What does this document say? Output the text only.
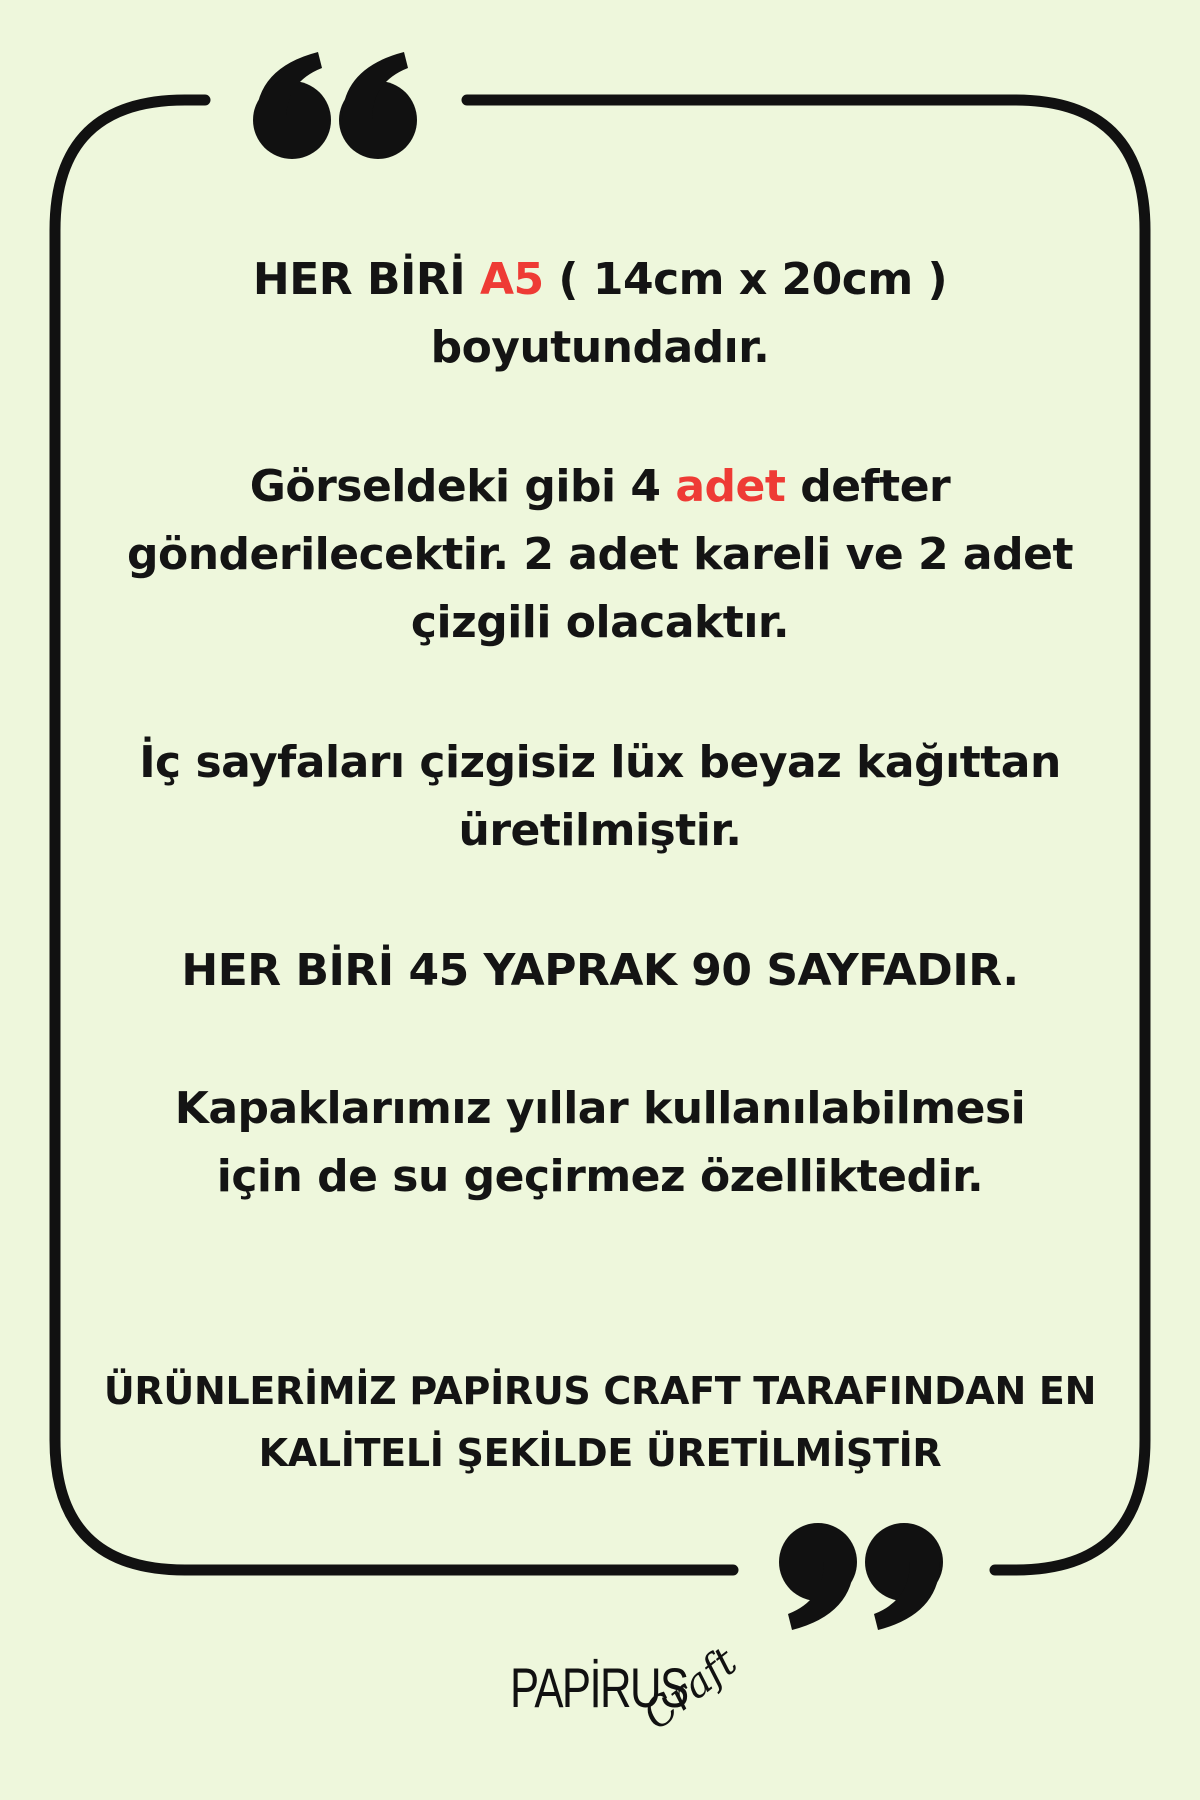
HER BİRİ A5 ( 14cm x 20cm )
boyutundadır.
Görseldeki gibi 4 adet defter
gönderilecektir. 2 adet kareli ve 2 adet
çizgili olacaktır.
İç sayfaları çizgisiz lüx beyaz kağıttan
üretilmiştir.
HER BİRİ 45 YAPRAK 90 SAYFADIR.
Kapaklarımız yıllar kullanılabilmesi
için de su geçirmez özelliktedir.
ÜRÜNLERİMİZ PAPİRUS CRAFT TARAFINDAN EN
KALİTELİ ŞEKİLDE ÜRETİLMİŞTİR
PAPİRUS
Craft
